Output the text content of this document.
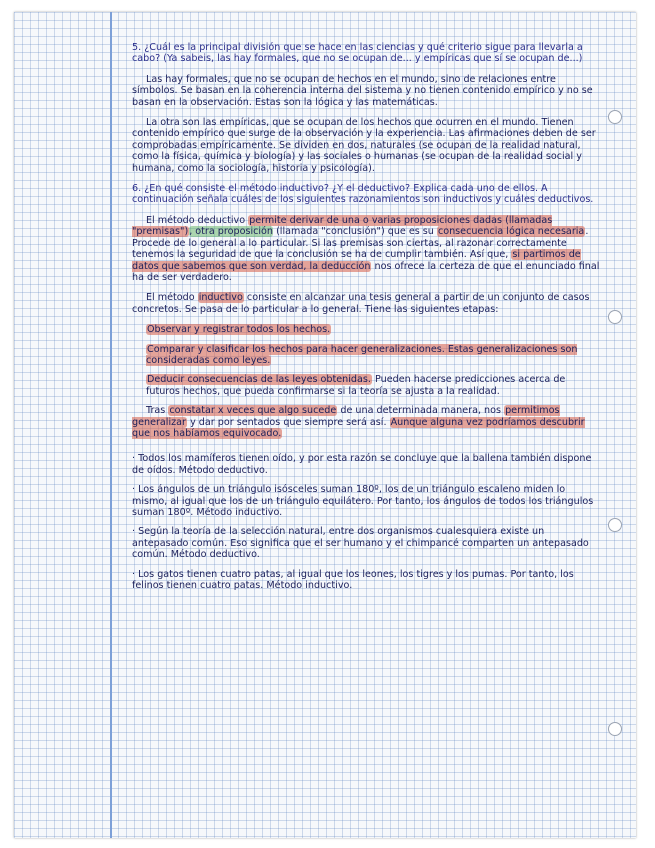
5. ¿Cuál es la principal división que se hace en las ciencias y qué criterio sigue para llevarla a cabo? (Ya sabeis, las hay formales, que no se ocupan de... y empíricas que sí se ocupan de...)

Las hay formales, que no se ocupan de hechos en el mundo, sino de relaciones entre símbolos. Se basan en la coherencia interna del sistema y no tienen contenido empírico y no se basan en la observación. Estas son la lógica y las matemáticas.

La otra son las empíricas, que se ocupan de los hechos que ocurren en el mundo. Tienen contenido empírico que surge de la observación y la experiencia. Las afirmaciones deben de ser comprobadas empíricamente. Se dividen en dos, naturales (se ocupan de la realidad natural, como la física, química y biología) y las sociales o humanas (se ocupan de la realidad social y humana, como la sociología, historia y psicología).

6. ¿En qué consiste el método inductivo? ¿Y el deductivo? Explica cada uno de ellos. A continuación señala cuáles de los siguientes razonamientos son inductivos y cuáles deductivos.

El método deductivo permite derivar de una o varias proposiciones dadas (llamadas "premisas"), otra proposición (llamada "conclusión") que es su consecuencia lógica necesaria. Procede de lo general a lo particular. Si las premisas son ciertas, al razonar correctamente tenemos la seguridad de que la conclusión se ha de cumplir también. Así que, si partimos de datos que sabemos que son verdad, la deducción nos ofrece la certeza de que el enunciado final ha de ser verdadero.

El método inductivo consiste en alcanzar una tesis general a partir de un conjunto de casos concretos. Se pasa de lo particular a lo general. Tiene las siguientes etapas:

Observar y registrar todos los hechos.
Comparar y clasificar los hechos para hacer generalizaciones. Estas generalizaciones son consideradas como leyes.
Deducir consecuencias de las leyes obtenidas. Pueden hacerse predicciones acerca de futuros hechos, que pueda confirmarse si la teoría se ajusta a la realidad.

Tras constatar x veces que algo sucede de una determinada manera, nos permitimos generalizar y dar por sentados que siempre será así. Aunque alguna vez podríamos descubrir que nos habíamos equivocado.

· Todos los mamíferos tienen oído, y por esta razón se concluye que la ballena también dispone de oídos. Método deductivo.
· Los ángulos de un triángulo isósceles suman 180º, los de un triángulo escaleno miden lo mismo, al igual que los de un triángulo equilátero. Por tanto, los ángulos de todos los triángulos suman 180º. Método inductivo.
· Según la teoría de la selección natural, entre dos organismos cualesquiera existe un antepasado común. Eso significa que el ser humano y el chimpancé comparten un antepasado común. Método deductivo.
· Los gatos tienen cuatro patas, al igual que los leones, los tigres y los pumas. Por tanto, los felinos tienen cuatro patas. Método inductivo.
